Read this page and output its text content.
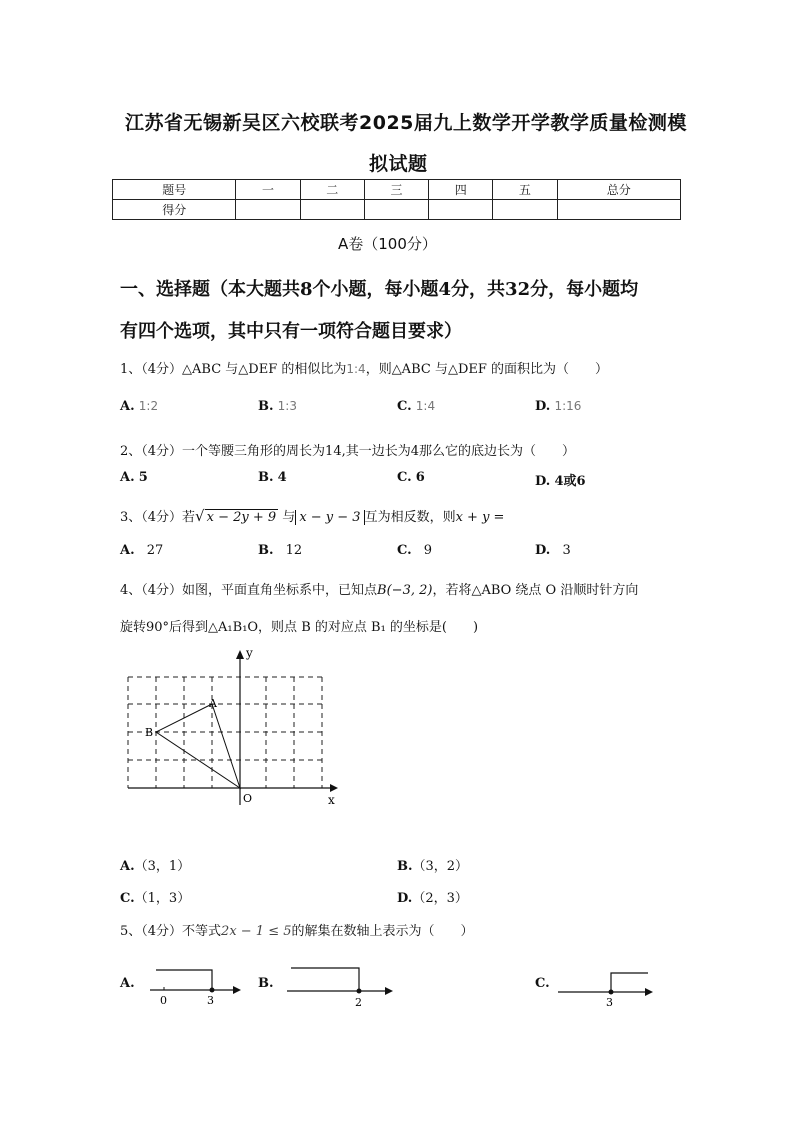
江苏省无锡新吴区六校联考2025届九上数学开学教学质量检测模
拟试题
题号	一	二	三	四	五	总分
得分						
A卷（100分）
一、选择题（本大题共8个小题，每小题4分，共32分，每小题均
有四个选项，其中只有一项符合题目要求）
1、（4分）△ABC 与△DEF 的相似比为1:4，则△ABC 与△DEF 的面积比为（　　）
A. 1:2	B. 1:3	C. 1:4	D. 1:16
2、（4分）一个等腰三角形的周长为14,其一边长为4那么它的底边长为（　　）
A. 5	B. 4	C. 6	D. 4或6
3、（4分）若√ x − 2y + 9 与 x − y − 3 互为相反数，则x + y =
A. 27	B. 12	C. 9	D. 3
4、（4分）如图，平面直角坐标系中，已知点B(−3, 2)，若将△ABO 绕点 O 沿顺时针方向
旋转90°后得到△A₁B₁O，则点 B 的对应点 B₁ 的坐标是(　　)
y
x
A
B
O
A.（3，1）	B.（3，2）
C.（1，3）	D.（2，3）
5、（4分）不等式2x − 1 ≤ 5的解集在数轴上表示为（　　）
A.
0	3
B.
2
C.
3
